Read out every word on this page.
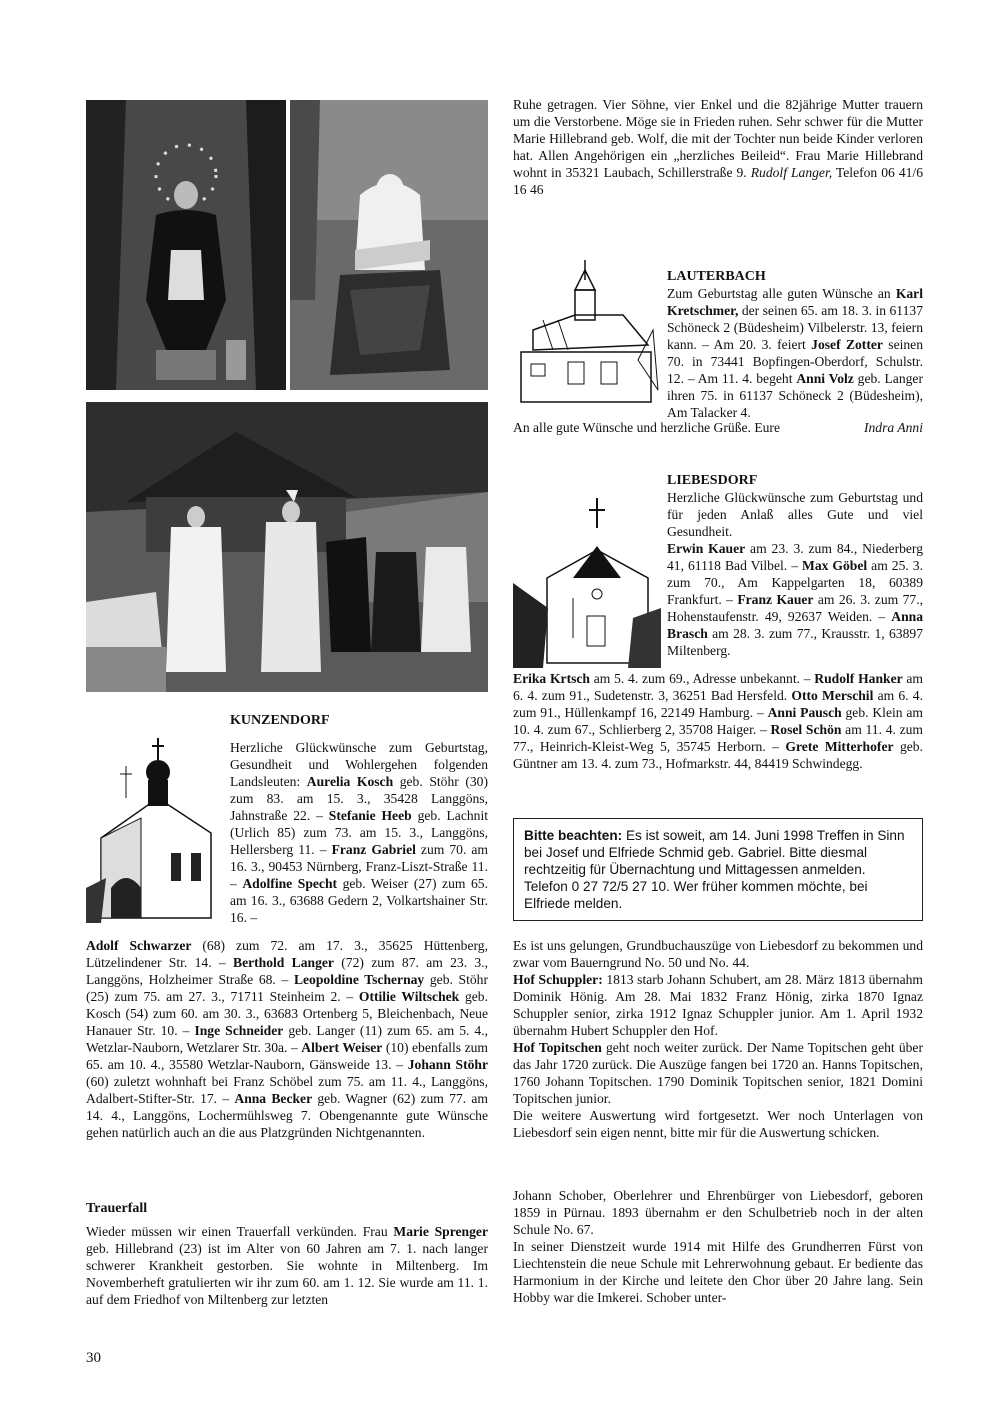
Ruhe getragen. Vier Söhne, vier Enkel und die 82jährige Mutter trauern um die Verstorbene. Möge sie in Frieden ruhen. Sehr schwer für die Mutter Marie Hillebrand geb. Wolf, die mit der Tochter nun beide Kinder verloren hat. Allen Angehörigen ein „herzliches Beileid“. Frau Marie Hillebrand wohnt in 35321 Laubach, Schillerstraße 9. Rudolf Langer, Telefon 06 41/6 16 46

LAUTERBACH

Zum Geburtstag alle guten Wünsche an Karl Kretschmer, der seinen 65. am 18. 3. in 61137 Schöneck 2 (Büdesheim) Vilbelerstr. 13, feiern kann. – Am 20. 3. feiert Josef Zotter seinen 70. in 73441 Bopfingen-Oberdorf, Schulstr. 12. – Am 11. 4. begeht Anni Volz geb. Langer ihren 75. in 61137 Schöneck 2 (Büdesheim), Am Talacker 4.

An alle gute Wünsche und herzliche Grüße. Eure	Indra Anni

LIEBESDORF

Herzliche Glückwünsche zum Geburtstag und für jeden Anlaß alles Gute und viel Gesundheit.

Erwin Kauer am 23. 3. zum 84., Niederberg 41, 61118 Bad Vilbel. – Max Göbel am 25. 3. zum 70., Am Kappelgarten 18, 60389 Frankfurt. – Franz Kauer am 26. 3. zum 77., Hohenstaufenstr. 49, 92637 Weiden. – Anna Brasch am 28. 3. zum 77., Krausstr. 1, 63897 Miltenberg.

Erika Krtsch am 5. 4. zum 69., Adresse unbekannt. – Rudolf Hanker am 6. 4. zum 91., Sudetenstr. 3, 36251 Bad Hersfeld. Otto Merschil am 6. 4. zum 91., Hüllenkampf 16, 22149 Hamburg. – Anni Pausch geb. Klein am 10. 4. zum 67., Schlierberg 2, 35708 Haiger. – Rosel Schön am 11. 4. zum 77., Heinrich-Kleist-Weg 5, 35745 Herborn. – Grete Mitterhofer geb. Güntner am 13. 4. zum 73., Hofmarkstr. 44, 84419 Schwindegg.

Bitte beachten: Es ist soweit, am 14. Juni 1998 Treffen in Sinn bei Josef und Elfriede Schmid geb. Gabriel. Bitte diesmal rechtzeitig für Übernachtung und Mittagessen anmelden. Telefon 0 27 72/5 27 10. Wer früher kommen möchte, bei Elfriede melden.

KUNZENDORF

Herzliche Glückwünsche zum Geburtstag, Gesundheit und Wohlergehen folgenden Landsleuten: Aurelia Kosch geb. Stöhr (30) zum 83. am 15. 3., 35428 Langgöns, Jahnstraße 22. – Stefanie Heeb geb. Lachnit (Urlich 85) zum 73. am 15. 3., Langgöns, Hellersberg 11. – Franz Gabriel zum 70. am 16. 3., 90453 Nürnberg, Franz-Liszt-Straße 11. – Adolfine Specht geb. Weiser (27) zum 65. am 16. 3., 63688 Gedern 2, Volkartshainer Str. 16. –

Adolf Schwarzer (68) zum 72. am 17. 3., 35625 Hüttenberg, Lützelindener Str. 14. – Berthold Langer (72) zum 87. am 23. 3., Langgöns, Holzheimer Straße 68. – Leopoldine Tschernay geb. Stöhr (25) zum 75. am 27. 3., 71711 Steinheim 2. – Ottilie Wiltschek geb. Kosch (54) zum 60. am 30. 3., 63683 Ortenberg 5, Bleichenbach, Neue Hanauer Str. 10. – Inge Schneider geb. Langer (11) zum 65. am 5. 4., Wetzlar-Nauborn, Wetzlarer Str. 30a. – Albert Weiser (10) ebenfalls zum 65. am 10. 4., 35580 Wetzlar-Nauborn, Gänsweide 13. – Johann Stöhr (60) zuletzt wohnhaft bei Franz Schöbel zum 75. am 11. 4., Langgöns, Adalbert-Stifter-Str. 17. – Anna Becker geb. Wagner (62) zum 77. am 14. 4., Langgöns, Lochermühlsweg 7. Obengenannte gute Wünsche gehen natürlich auch an die aus Platzgründen Nichtgenannten.

Trauerfall

Wieder müssen wir einen Trauerfall verkünden. Frau Marie Sprenger geb. Hillebrand (23) ist im Alter von 60 Jahren am 7. 1. nach langer schwerer Krankheit gestorben. Sie wohnte in Miltenberg. Im Novemberheft gratulierten wir ihr zum 60. am 1. 12. Sie wurde am 11. 1. auf dem Friedhof von Miltenberg zur letzten

Es ist uns gelungen, Grundbuchauszüge von Liebesdorf zu bekommen und zwar vom Bauerngrund No. 50 und No. 44.

Hof Schuppler: 1813 starb Johann Schubert, am 28. März 1813 übernahm Dominik Hönig. Am 28. Mai 1832 Franz Hönig, zirka 1870 Ignaz Schuppler senior, zirka 1912 Ignaz Schuppler junior. Am 1. April 1932 übernahm Hubert Schuppler den Hof.

Hof Topitschen geht noch weiter zurück. Der Name Topitschen geht über das Jahr 1720 zurück. Die Auszüge fangen bei 1720 an. Hanns Topitschen, 1760 Johann Topitschen. 1790 Dominik Topitschen senior, 1821 Domini Topitschen junior.

Die weitere Auswertung wird fortgesetzt. Wer noch Unterlagen von Liebesdorf sein eigen nennt, bitte mir für die Auswertung schicken.

Johann Schober, Oberlehrer und Ehrenbürger von Liebesdorf, geboren 1859 in Pürnau. 1893 übernahm er den Schulbetrieb noch in der alten Schule No. 67.

In seiner Dienstzeit wurde 1914 mit Hilfe des Grundherren Fürst von Liechtenstein die neue Schule mit Lehrerwohnung gebaut. Er bediente das Harmonium in der Kirche und leitete den Chor über 20 Jahre lang. Sein Hobby war die Imkerei. Schober unter-

30
